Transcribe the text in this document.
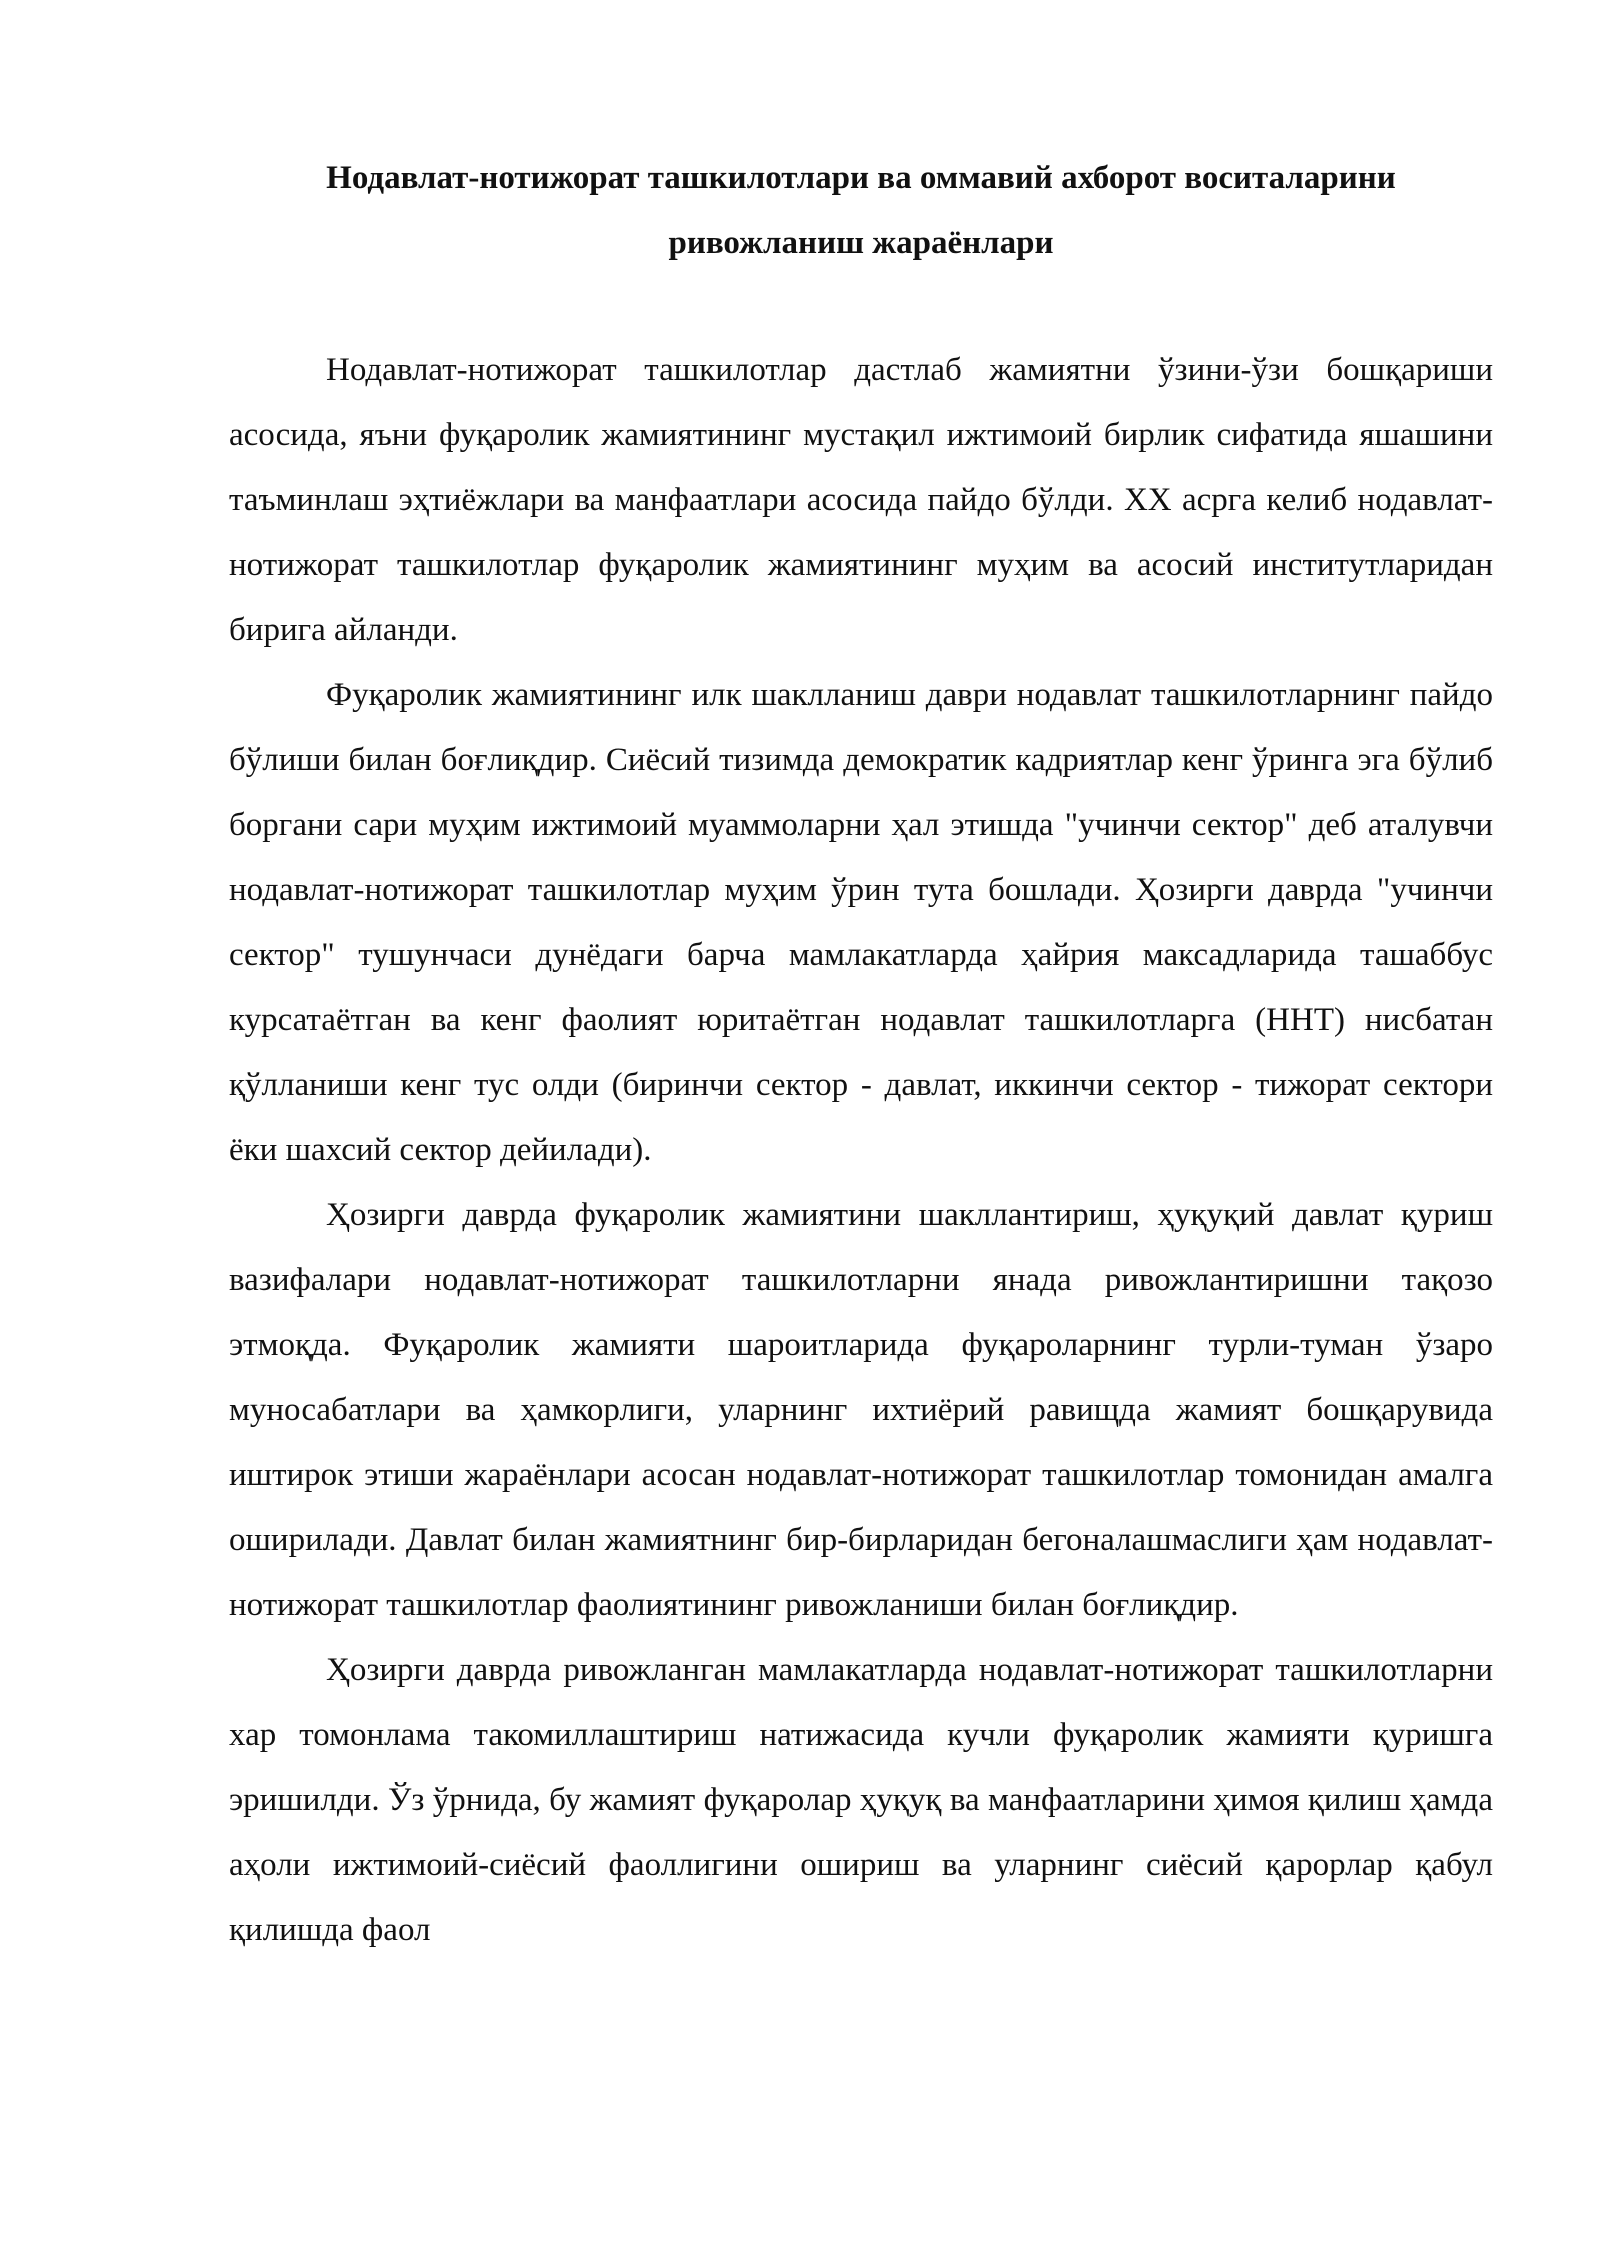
Нодавлат-нотижорат ташкилотлари ва оммавий ахборот воситаларини ривожланиш жараёнлари

Нодавлат-нотижорат ташкилотлар дастлаб жамиятни ўзини-ўзи бошқариши асосида, яъни фуқаролик жамиятининг мустақил ижтимоий бирлик сифатида яшашини таъминлаш эҳтиёжлари ва манфаатлари асосида пайдо бўлди. XX асрга келиб нодавлат-нотижорат ташкилотлар фуқаролик жамиятининг муҳим ва асосий институтларидан бирига айланди.

Фуқаролик жамиятининг илк шаклланиш даври нодавлат ташкилотларнинг пайдо бўлиши билан боғлиқдир. Сиёсий тизимда демократик кадриятлар кенг ўринга эга бўлиб боргани сари муҳим ижтимоий муаммоларни ҳал этишда "учинчи сектор" деб аталувчи нодавлат-нотижорат ташкилотлар муҳим ўрин тута бошлади. Ҳозирги даврда "учинчи сектор" тушунчаси дунёдаги барча мамлакатларда ҳайрия максадларида ташаббус курсатаётган ва кенг фаолият юритаётган нодавлат ташкилотларга (ННТ) нисбатан қўлланиши кенг тус олди (биринчи сектор - давлат, иккинчи сектор - тижорат сектори ёки шахсий сектор дейилади).

Ҳозирги даврда фуқаролик жамиятини шакллантириш, ҳуқуқий давлат қуриш вазифалари нодавлат-нотижорат ташкилотларни янада ривожлантиришни тақозо этмоқда. Фуқаролик жамияти шароитларида фуқароларнинг турли-туман ўзаро муносабатлари ва ҳамкорлиги, уларнинг ихтиёрий равищда жамият бошқарувида иштирок этиши жараёнлари асосан нодавлат-нотижорат ташкилотлар томонидан амалга оширилади. Давлат билан жамиятнинг бир-бирларидан бегоналашмаслиги ҳам нодавлат-нотижорат ташкилотлар фаолиятининг ривожланиши билан боғлиқдир.

Ҳозирги даврда ривожланган мамлакатларда нодавлат-нотижорат ташкилотларни хар томонлама такомиллаштириш натижасида кучли фуқаролик жамияти қуришга эришилди. Ўз ўрнида, бу жамият фуқаролар ҳуқуқ ва манфаатларини ҳимоя қилиш ҳамда аҳоли ижтимоий-сиёсий фаоллигини ошириш ва уларнинг сиёсий қарорлар қабул қилишда фаол
